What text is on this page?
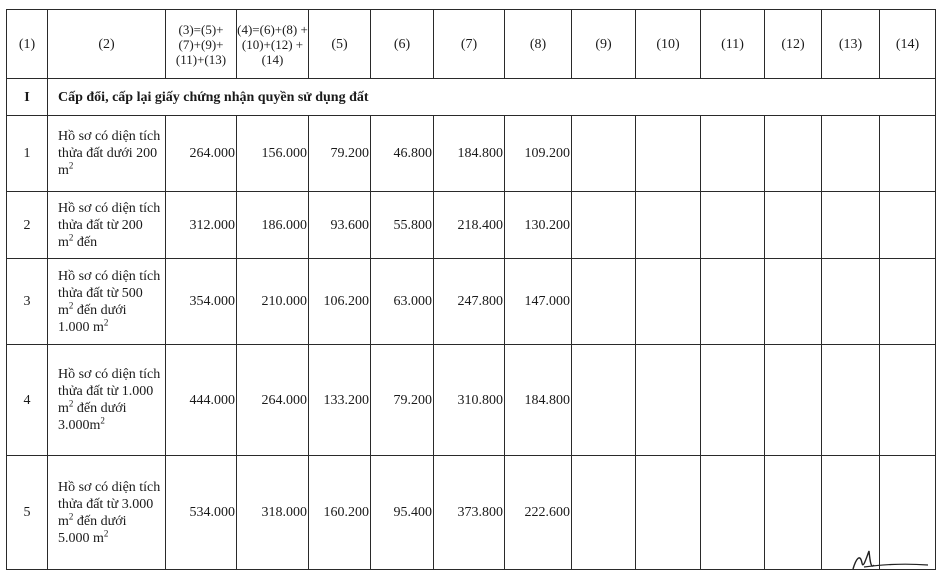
(1)	(2)	(3)=(5)+ (7)+(9)+ (11)+(13)	(4)=(6)+(8) +(10)+(12) +(14)	(5)	(6)	(7)	(8)	(9)	(10)	(11)	(12)	(13)	(14)
I	Cấp đổi, cấp lại giấy chứng nhận quyền sử dụng đất												
1	Hồ sơ có diện tích thửa đất dưới 200 $m^2$	264.000	156.000	79.200	46.800	184.800	109.200						
2	Hồ sơ có diện tích thửa đất từ 200 $m^2$ đến	312.000	186.000	93.600	55.800	218.400	130.200						
3	Hồ sơ có diện tích thửa đất từ 500 $m^2$ đến dưới 1.000 $m^2$	354.000	210.000	106.200	63.000	247.800	147.000						
4	Hồ sơ có diện tích thửa đất từ 1.000 $m^2$ đến dưới $3.000m^2$	444.000	264.000	133.200	79.200	310.800	184.800						
5	Hồ sơ có diện tích thửa đất từ 3.000 $m^2$ đến dưới 5.000 $m^2$	534.000	318.000	160.200	95.400	373.800	222.600						
